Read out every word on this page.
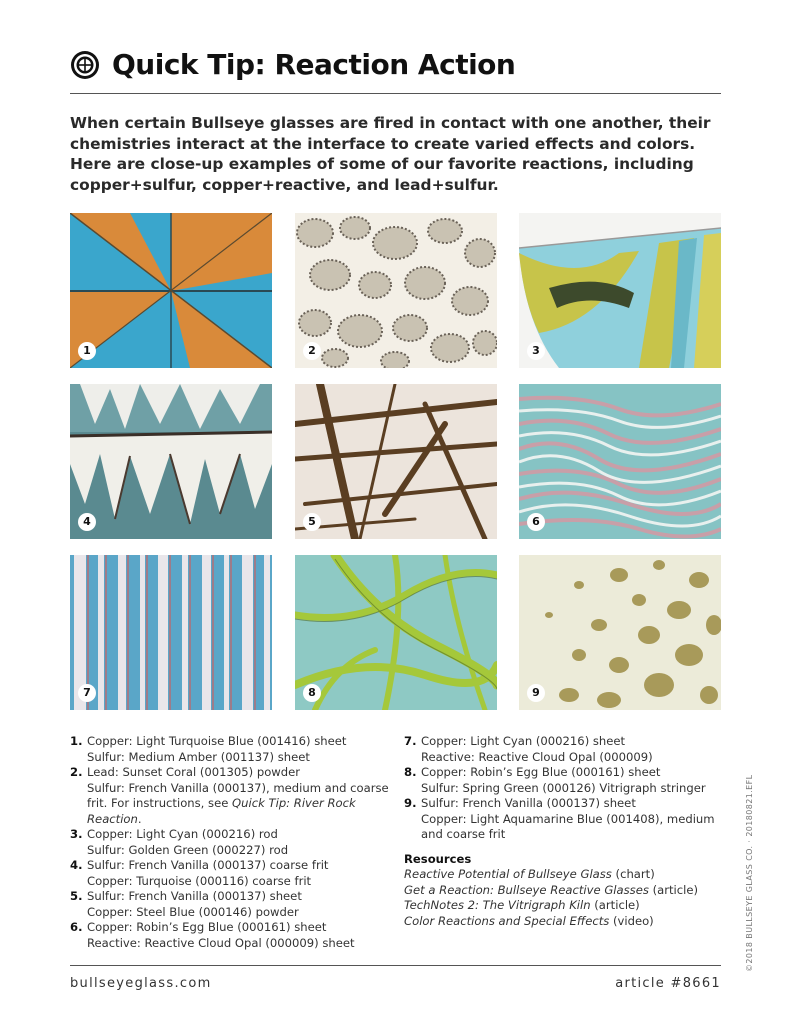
Quick Tip: Reaction Action
When certain Bullseye glasses are fired in contact with one another, their chemistries interact at the interface to create varied effects and colors. Here are close-up examples of some of our favorite reactions, including copper+sulfur, copper+reactive, and lead+sulfur.
1	2	3
4	5	6
7	8	9
1. Copper: Light Turquoise Blue (001416) sheet
Sulfur: Medium Amber (001137) sheet
2. Lead: Sunset Coral (001305) powder
Sulfur: French Vanilla (000137), medium and coarse
frit. For instructions, see Quick Tip: River Rock Reaction.
3. Copper: Light Cyan (000216) rod
Sulfur: Golden Green (000227) rod
4. Sulfur: French Vanilla (000137) coarse frit
Copper: Turquoise (000116) coarse frit
5. Sulfur: French Vanilla (000137) sheet
Copper: Steel Blue (000146) powder
6. Copper: Robin’s Egg Blue (000161) sheet
Reactive: Reactive Cloud Opal (000009) sheet
7. Copper: Light Cyan (000216) sheet
Reactive: Reactive Cloud Opal (000009)
8. Copper: Robin’s Egg Blue (000161) sheet
Sulfur: Spring Green (000126) Vitrigraph stringer
9. Sulfur: French Vanilla (000137) sheet
Copper: Light Aquamarine Blue (001408), medium
and coarse frit
Resources
Reactive Potential of Bullseye Glass (chart)
Get a Reaction: Bullseye Reactive Glasses (article)
TechNotes 2: The Vitrigraph Kiln (article)
Color Reactions and Special Effects (video)	©2018 BULLSEYE GLASS CO. · 20180821.EFL
bullseyeglass.com	article #8661
